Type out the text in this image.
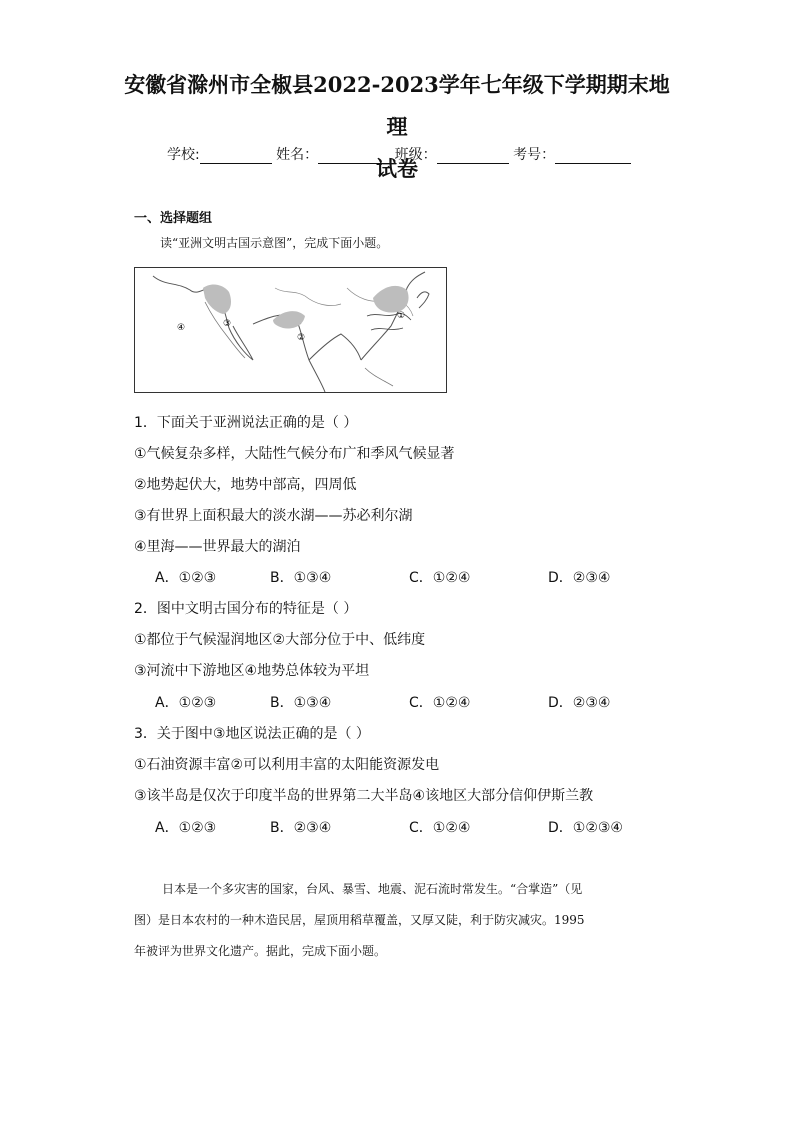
安徽省滁州市全椒县2022-2023学年七年级下学期期末地理
试卷
学校:	姓名：	班级：	考号：
一、选择题组
读“亚洲文明古国示意图”，完成下面小题。
④	③
②
①
1．下面关于亚洲说法正确的是（ ）
①气候复杂多样，大陆性气候分布广和季风气候显著
②地势起伏大，地势中部高，四周低
③有世界上面积最大的淡水湖——苏必利尔湖
④里海——世界最大的湖泊
A．①②③	B．①③④	C．①②④	D．②③④
2．图中文明古国分布的特征是（ ）
①都位于气候湿润地区②大部分位于中、低纬度
③河流中下游地区④地势总体较为平坦
A．①②③	B．①③④	C．①②④	D．②③④
3．关于图中③地区说法正确的是（ ）
①石油资源丰富②可以利用丰富的太阳能资源发电
③该半岛是仅次于印度半岛的世界第二大半岛④该地区大部分信仰伊斯兰教
A．①②③	B．②③④	C．①②④	D．①②③④
日本是一个多灾害的国家，台风、暴雪、地震、泥石流时常发生。“合掌造”（见
图）是日本农村的一种木造民居，屋顶用稻草覆盖，又厚又陡，利于防灾减灾。1995
年被评为世界文化遗产。据此，完成下面小题。
